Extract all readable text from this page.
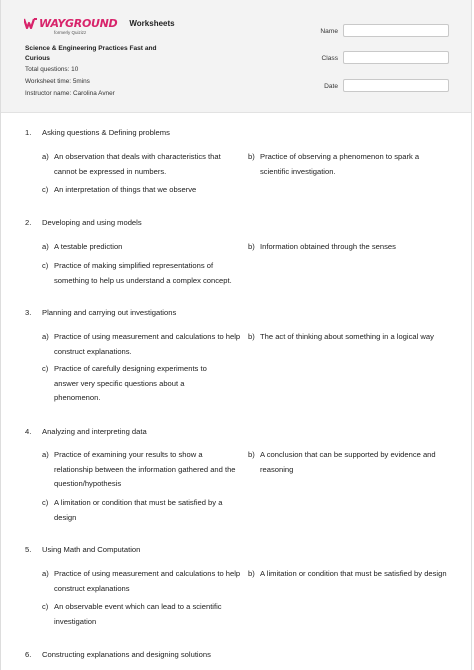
WAYGROUND
formerly Quizizz
Worksheets
Science & Engineering Practices Fast and Curious
Total questions: 10
Worksheet time: 5mins
Instructor name: Carolina Avner
Name
Class
Date
1. Asking questions & Defining problems
a) An observation that deals with characteristics that cannot be expressed in numbers.
b) Practice of observing a phenomenon to spark a scientific investigation.
c) An interpretation of things that we observe
2. Developing and using models
a) A testable prediction	b) Information obtained through the senses
c) Practice of making simplified representations of something to help us understand a complex concept.
3. Planning and carrying out investigations
a) Practice of using measurement and calculations to help construct explanations.
b) The act of thinking about something in a logical way
c) Practice of carefully designing experiments to answer very specific questions about a phenomenon.
4. Analyzing and interpreting data
a) Practice of examining your results to show a relationship between the information gathered and the question/hypothesis
b) A conclusion that can be supported by evidence and reasoning
c) A limitation or condition that must be satisfied by a design
5. Using Math and Computation
a) Practice of using measurement and calculations to help construct explanations
b) A limitation or condition that must be satisfied by design
c) An observable event which can lead to a scientific investigation
6. Constructing explanations and designing solutions
